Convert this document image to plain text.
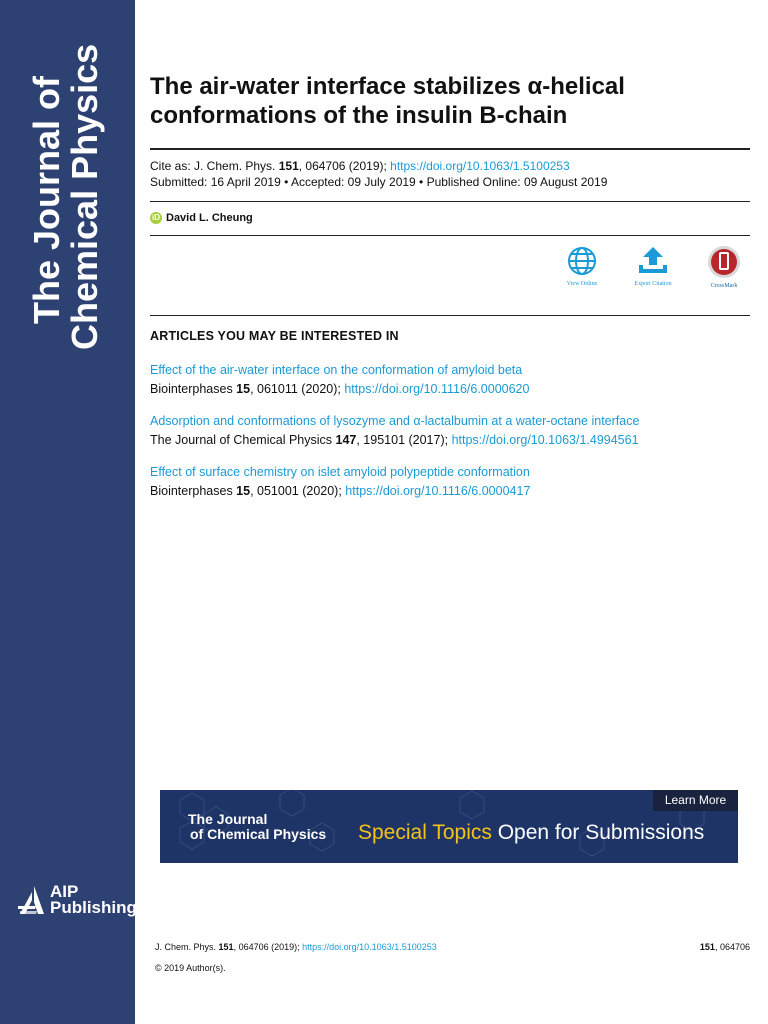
The Journal of
Chemical Physics
AIP
Publishing
The air-water interface stabilizes α-helical
conformations of the insulin B-chain
Cite as: J. Chem. Phys. 151, 064706 (2019); https://doi.org/10.1063/1.5100253
Submitted: 16 April 2019 • Accepted: 09 July 2019 • Published Online: 09 August 2019
iD David L. Cheung
View Online	Export Citation	CrossMark
ARTICLES YOU MAY BE INTERESTED IN
Effect of the air-water interface on the conformation of amyloid beta
Biointerphases 15, 061011 (2020); https://doi.org/10.1116/6.0000620
Adsorption and conformations of lysozyme and α-lactalbumin at a water-octane interface
The Journal of Chemical Physics 147, 195101 (2017); https://doi.org/10.1063/1.4994561
Effect of surface chemistry on islet amyloid polypeptide conformation
Biointerphases 15, 051001 (2020); https://doi.org/10.1116/6.0000417
The Journal
of Chemical Physics Special Topics Open for Submissions
Learn More
J. Chem. Phys. 151, 064706 (2019); https://doi.org/10.1063/1.5100253	151, 064706
© 2019 Author(s).
